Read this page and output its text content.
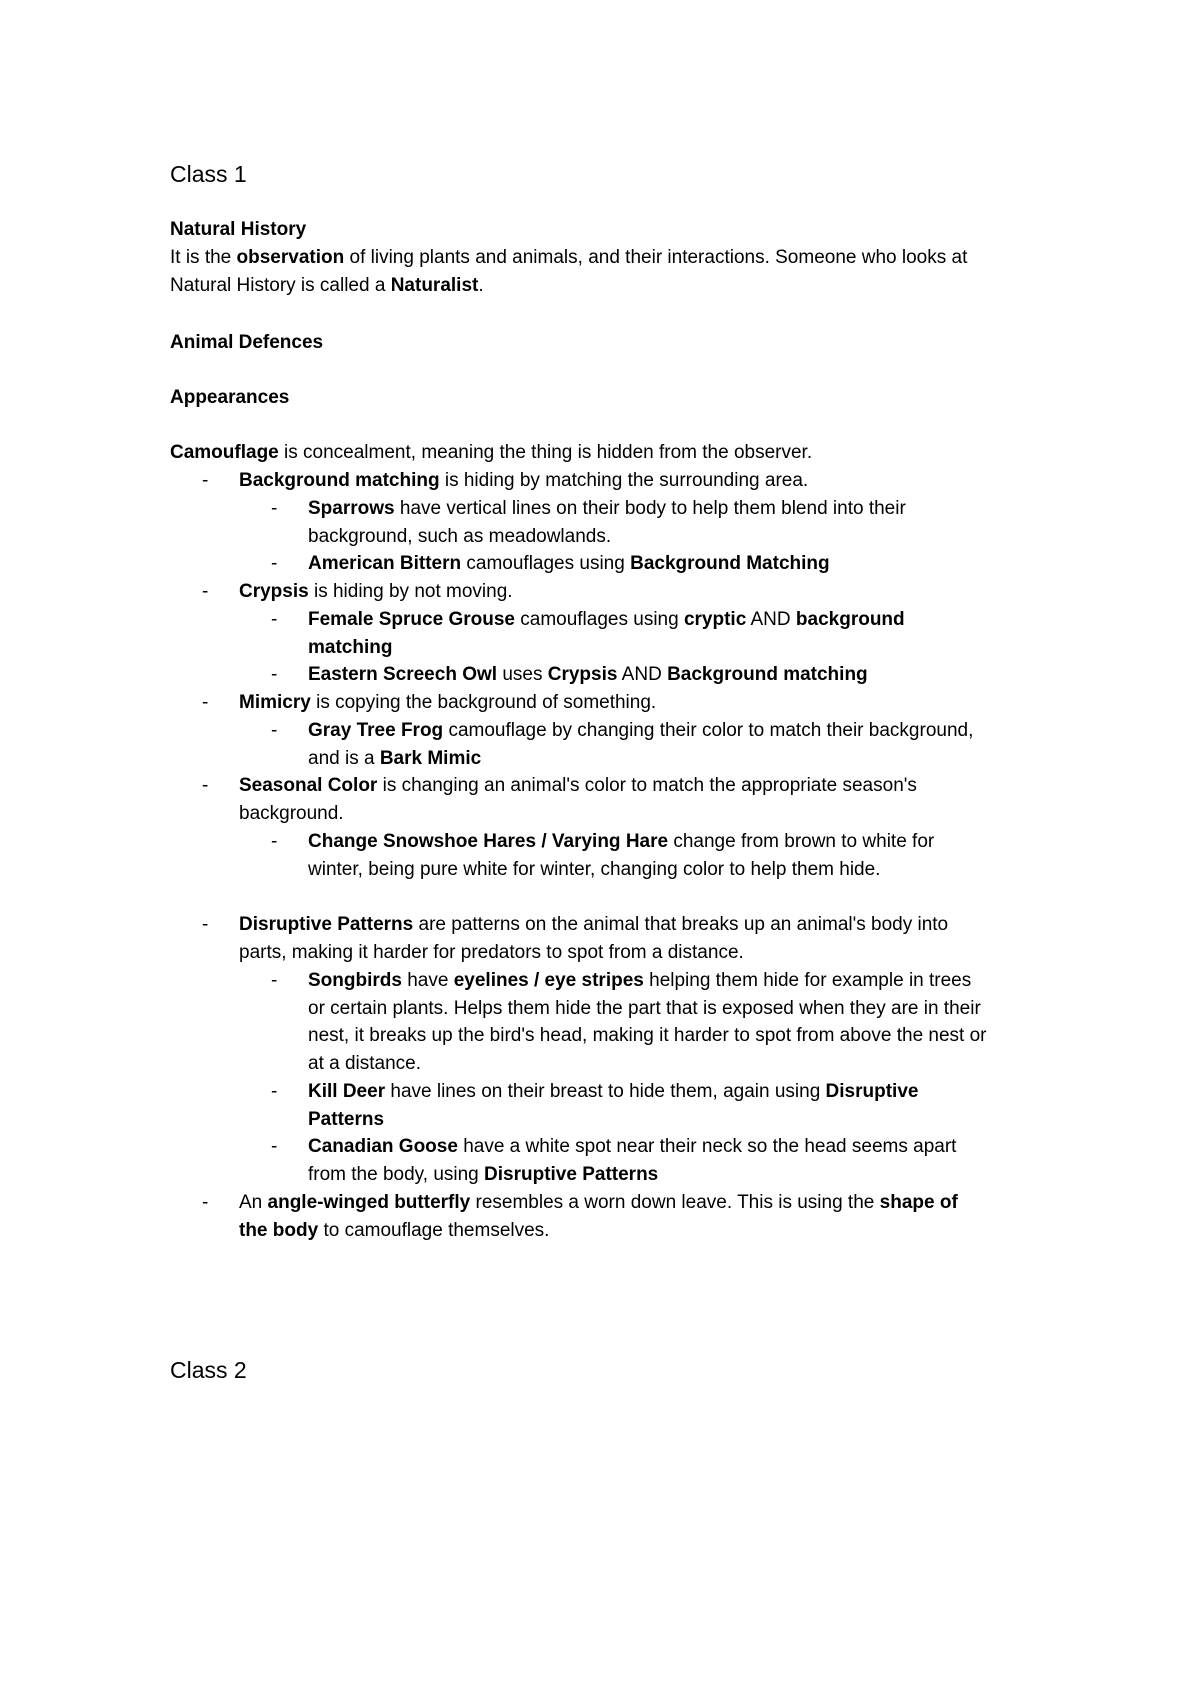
Class 1
Natural History
It is the observation of living plants and animals, and their interactions. Someone who looks at
Natural History is called a Naturalist.
Animal Defences
Appearances
Camouflage is concealment, meaning the thing is hidden from the observer.
- Background matching is hiding by matching the surrounding area.
- Sparrows have vertical lines on their body to help them blend into their
background, such as meadowlands.
- American Bittern camouflages using Background Matching
- Crypsis is hiding by not moving.
- Female Spruce Grouse camouflages using cryptic AND background
matching
- Eastern Screech Owl uses Crypsis AND Background matching
- Mimicry is copying the background of something.
- Gray Tree Frog camouflage by changing their color to match their background,
and is a Bark Mimic
- Seasonal Color is changing an animal's color to match the appropriate season's
background.
- Change Snowshoe Hares / Varying Hare change from brown to white for
winter, being pure white for winter, changing color to help them hide.
- Disruptive Patterns are patterns on the animal that breaks up an animal's body into
parts, making it harder for predators to spot from a distance.
- Songbirds have eyelines / eye stripes helping them hide for example in trees
or certain plants. Helps them hide the part that is exposed when they are in their
nest, it breaks up the bird's head, making it harder to spot from above the nest or
at a distance.
- Kill Deer have lines on their breast to hide them, again using Disruptive
Patterns
- Canadian Goose have a white spot near their neck so the head seems apart
from the body, using Disruptive Patterns
- An angle-winged butterfly resembles a worn down leave. This is using the shape of
the body to camouflage themselves.
Class 2
